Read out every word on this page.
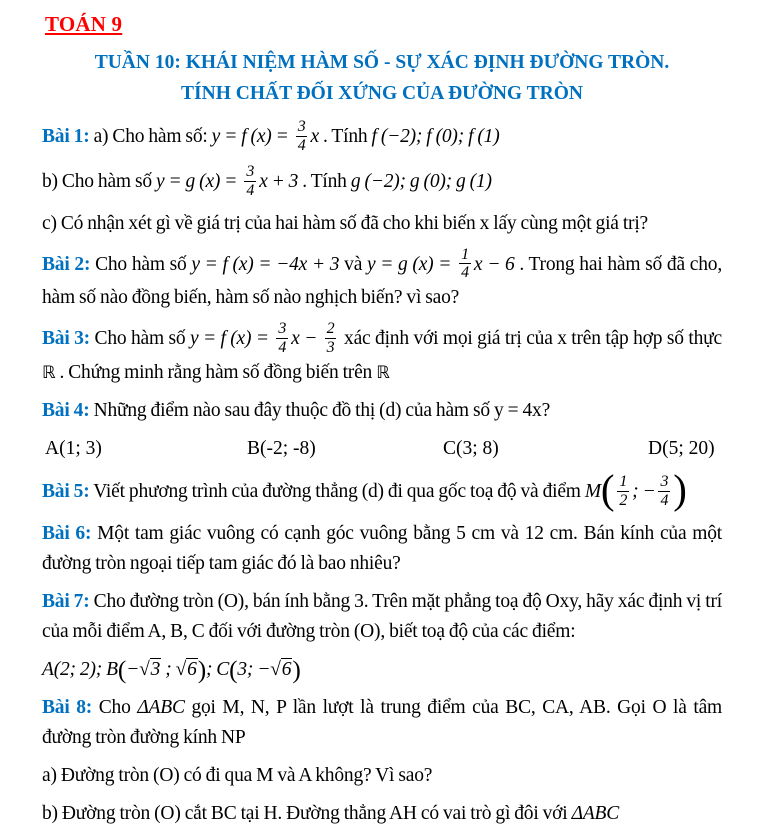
TOÁN 9
TUẦN 10: KHÁI NIỆM HÀM SỐ - SỰ XÁC ĐỊNH ĐƯỜNG TRÒN.
TÍNH CHẤT ĐỐI XỨNG CỦA ĐƯỜNG TRÒN

Bài 1: a) Cho hàm số: y = f $(x) = \frac{3}{4}$ x . Tính f (−2); f (0); f (1)

b) Cho hàm số y = g $(x) = \frac{3}{4}$ x + 3 . Tính g (−2); g (0); g (1)

c) Có nhận xét gì về giá trị của hai hàm số đã cho khi biến x lấy cùng một giá trị?

Bài 2: Cho hàm số y = f (x) = −4x + 3 và y = g $(x) = \frac{1}{4}$ x − 6 . Trong hai hàm số đã cho, hàm số nào đồng biến, hàm số nào nghịch biến? vì sao?

Bài 3: Cho hàm số y = f $(x) = \frac{3}{4}$ $x - \frac{2}{3}$ xác định với mọi giá trị của x trên tập hợp số thực ℝ . Chứng minh rằng hàm số đồng biến trên ℝ

Bài 4: Những điểm nào sau đây thuộc đồ thị (d) của hàm số y = 4x?

A(1; 3)	B(-2; -8)	C(3; 8)	D(5; 20)

Bài 5: Viết phương trình của đường thẳng (d) đi qua gốc toạ độ và điểm $M( \frac{1}{2}$ ; − $\frac{3}{4}$ )

Bài 6: Một tam giác vuông có cạnh góc vuông bằng 5 cm và 12 cm. Bán kính của một đường tròn ngoại tiếp tam giác đó là bao nhiêu?

Bài 7: Cho đường tròn (O), bán ính bằng 3. Trên mặt phẳng toạ độ Oxy, hãy xác định vị trí của mỗi điểm A, B, C đối với đường tròn (O), biết toạ độ của các điểm:

A(2; 2); B(−√3 ; √6); C(3; −√6)

Bài 8: Cho ΔABC gọi M, N, P lần lượt là trung điểm của BC, CA, AB. Gọi O là tâm đường tròn đường kính NP

a) Đường tròn (O) có đi qua M và A không? Vì sao?

b) Đường tròn (O) cắt BC tại H. Đường thẳng AH có vai trò gì đôi với ΔABC
